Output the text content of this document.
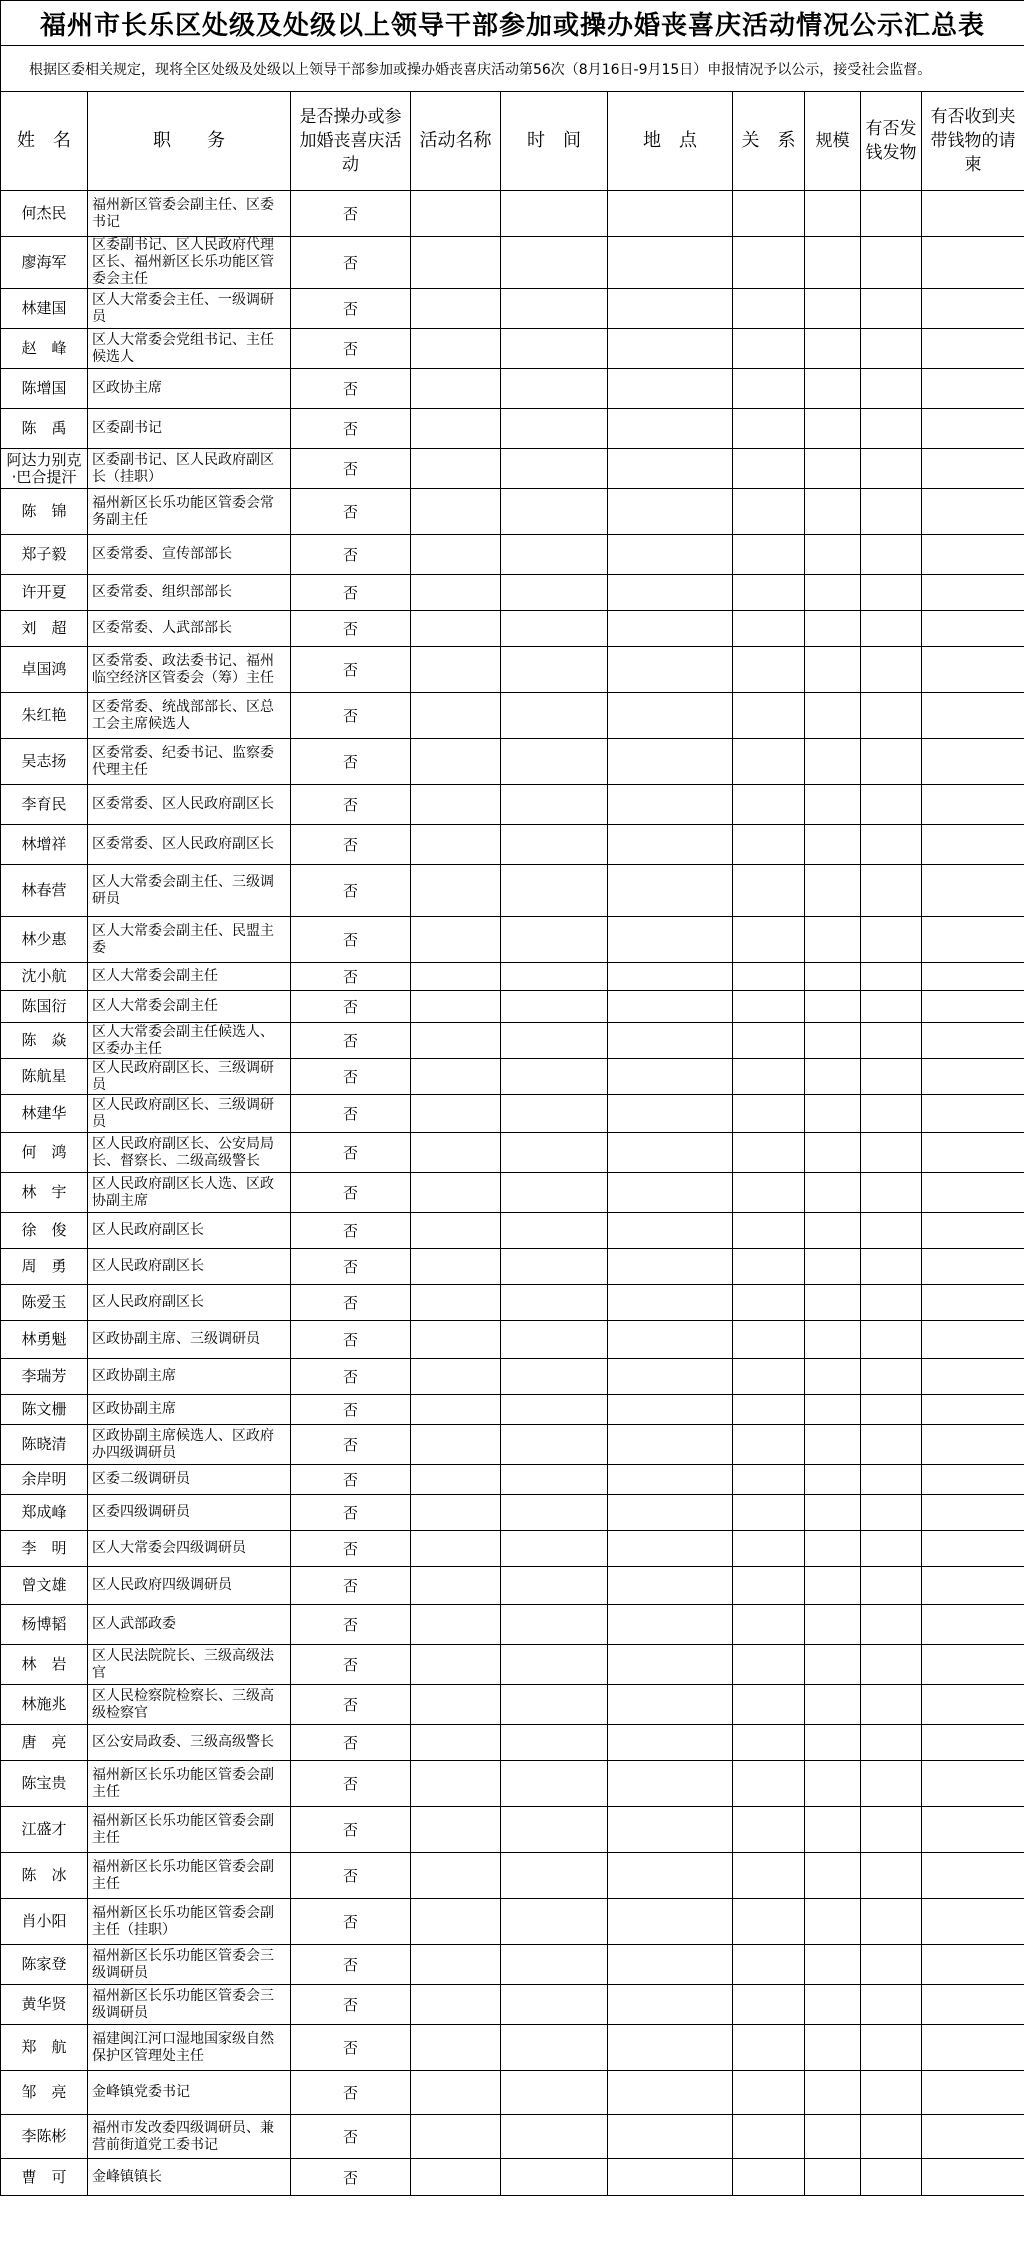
福州市长乐区处级及处级以上领导干部参加或操办婚丧喜庆活动情况公示汇总表									
根据区委相关规定，现将全区处级及处级以上领导干部参加或操办婚丧喜庆活动第56次（8月16日-9月15日）申报情况予以公示，接受社会监督。									
姓　名	职　　务	是否操办或参加婚丧喜庆活动	活动名称	时　间	地　点	关　系	规模	有否发钱发物	有否收到夹带钱物的请柬
何杰民	福州新区管委会副主任、区委书记	否							
廖海军	区委副书记、区人民政府代理区长、福州新区长乐功能区管委会主任	否							
林建国	区人大常委会主任、一级调研员	否							
赵　峰	区人大常委会党组书记、主任候选人	否							
陈增国	区政协主席	否							
陈　禹	区委副书记	否							
阿达力别克·巴合提汗	区委副书记、区人民政府副区长（挂职）	否							
陈　锦	福州新区长乐功能区管委会常务副主任	否							
郑子毅	区委常委、宣传部部长	否							
许开夏	区委常委、组织部部长	否							
刘　超	区委常委、人武部部长	否							
卓国鸿	区委常委、政法委书记、福州临空经济区管委会（筹）主任	否							
朱红艳	区委常委、统战部部长、区总工会主席候选人	否							
吴志扬	区委常委、纪委书记、监察委代理主任	否							
李育民	区委常委、区人民政府副区长	否							
林增祥	区委常委、区人民政府副区长	否							
林春营	区人大常委会副主任、三级调研员	否							
林少惠	区人大常委会副主任、民盟主委	否							
沈小航	区人大常委会副主任	否							
陈国衍	区人大常委会副主任	否							
陈　焱	区人大常委会副主任候选人、区委办主任	否							
陈航星	区人民政府副区长、三级调研员	否							
林建华	区人民政府副区长、三级调研员	否							
何　鸿	区人民政府副区长、公安局局长、督察长、二级高级警长	否							
林　宇	区人民政府副区长人选、区政协副主席	否							
徐　俊	区人民政府副区长	否							
周　勇	区人民政府副区长	否							
陈爱玉	区人民政府副区长	否							
林勇魁	区政协副主席、三级调研员	否							
李瑞芳	区政协副主席	否							
陈文栅	区政协副主席	否							
陈晓清	区政协副主席候选人、区政府办四级调研员	否							
余岸明	区委二级调研员	否							
郑成峰	区委四级调研员	否							
李　明	区人大常委会四级调研员	否							
曾文雄	区人民政府四级调研员	否							
杨博韬	区人武部政委	否							
林　岩	区人民法院院长、三级高级法官	否							
林施兆	区人民检察院检察长、三级高级检察官	否							
唐　亮	区公安局政委、三级高级警长	否							
陈宝贵	福州新区长乐功能区管委会副主任	否							
江盛才	福州新区长乐功能区管委会副主任	否							
陈　冰	福州新区长乐功能区管委会副主任	否							
肖小阳	福州新区长乐功能区管委会副主任（挂职）	否							
陈家登	福州新区长乐功能区管委会三级调研员	否							
黄华贤	福州新区长乐功能区管委会三级调研员	否							
郑　航	福建闽江河口湿地国家级自然保护区管理处主任	否							
邹　亮	金峰镇党委书记	否							
李陈彬	福州市发改委四级调研员、兼营前街道党工委书记	否							
曹　可	金峰镇镇长	否							
